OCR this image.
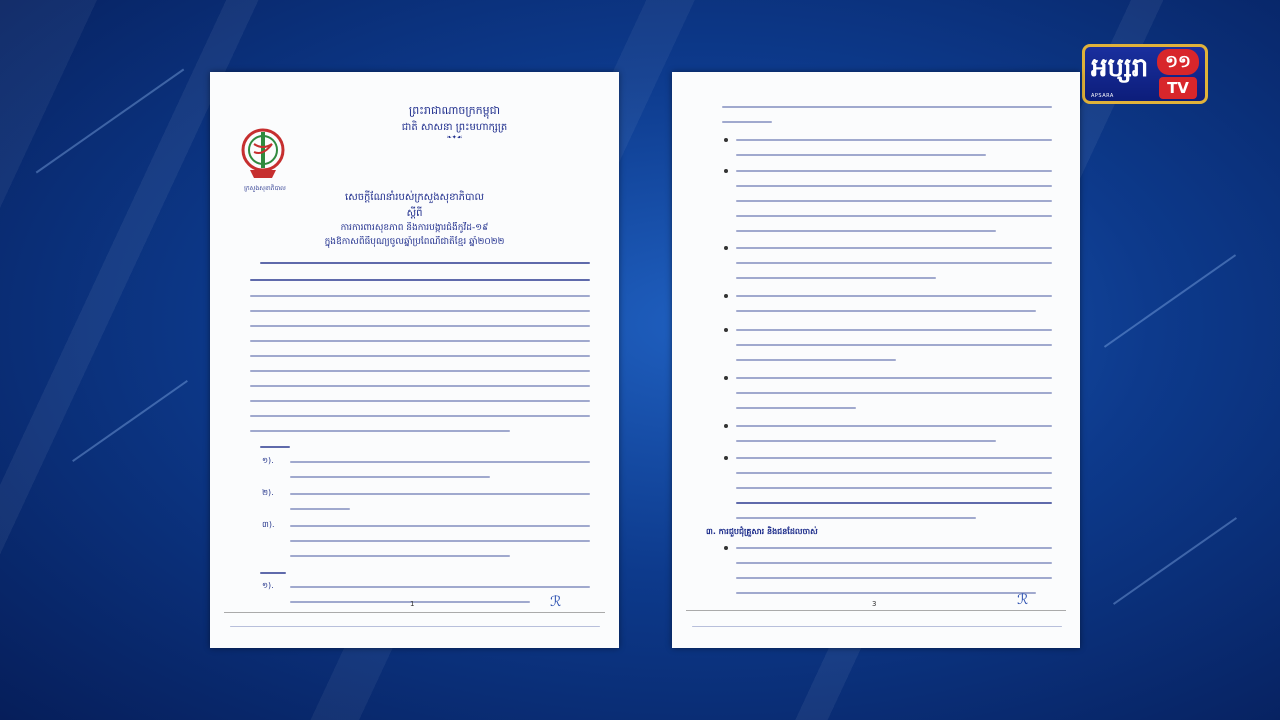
អប្សរា ១១
TV
APSARA
ព្រះរាជាណាចក្រកម្ពុជា
ជាតិ សាសនា ព្រះមហាក្សត្រ
❧✦☙
ក្រសួងសុខាភិបាល
សេចក្តីណែនាំរបស់ក្រសួងសុខាភិបាល
ស្តីពី
ការការពារសុខភាព និងការបង្ការជំងឺកូវីដ-១៩
ក្នុងឱកាសពិធីបុណ្យចូលឆ្នាំប្រពៃណីជាតិខ្មែរ ឆ្នាំ២០២២
១).
២).
៣).
១).
1	ℛ
៣. ការជួបជុំគ្រួសារ និងជនដែលចាស់
3	ℛ
